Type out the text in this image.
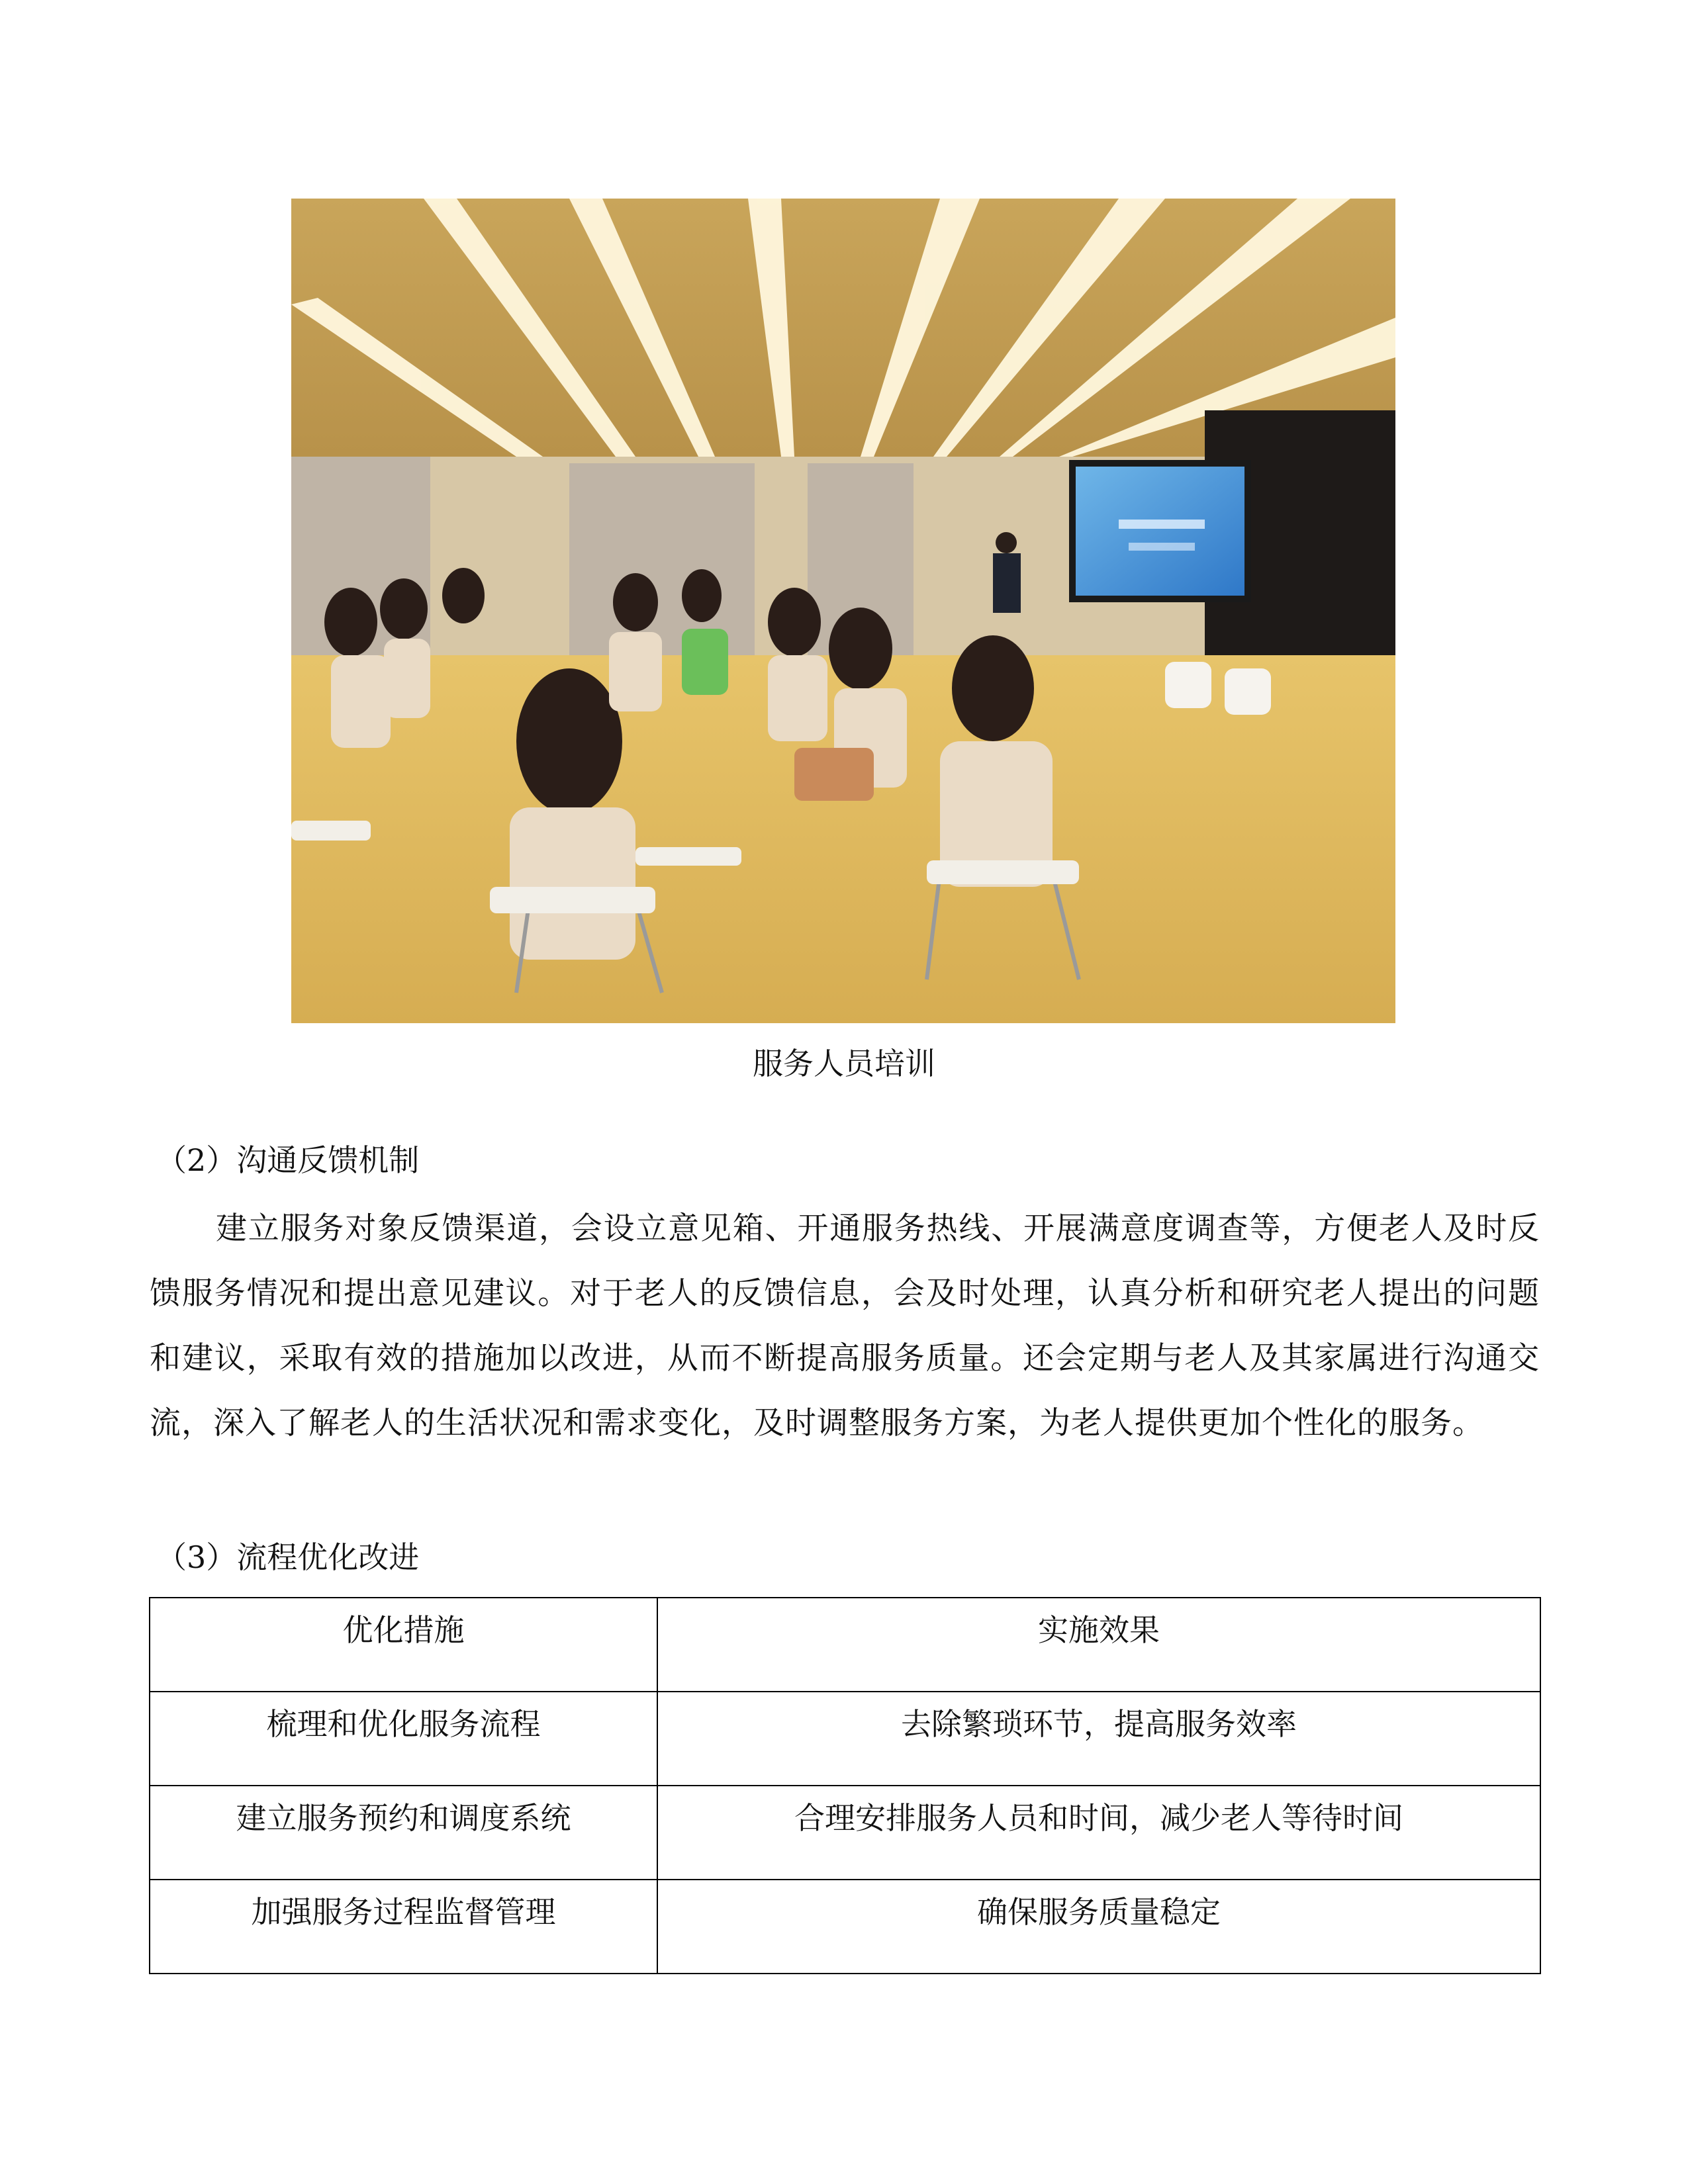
服务人员培训
（2）沟通反馈机制
建立服务对象反馈渠道，会设立意见箱、开通服务热线、开展满意度调查等，方便老人及时反馈服务情况和提出意见建议。对于老人的反馈信息，会及时处理，认真分析和研究老人提出的问题和建议，采取有效的措施加以改进，从而不断提高服务质量。还会定期与老人及其家属进行沟通交流，深入了解老人的生活状况和需求变化，及时调整服务方案，为老人提供更加个性化的服务。
（3）流程优化改进
优化措施	实施效果
梳理和优化服务流程	去除繁琐环节，提高服务效率
建立服务预约和调度系统	合理安排服务人员和时间，减少老人等待时间
加强服务过程监督管理	确保服务质量稳定
